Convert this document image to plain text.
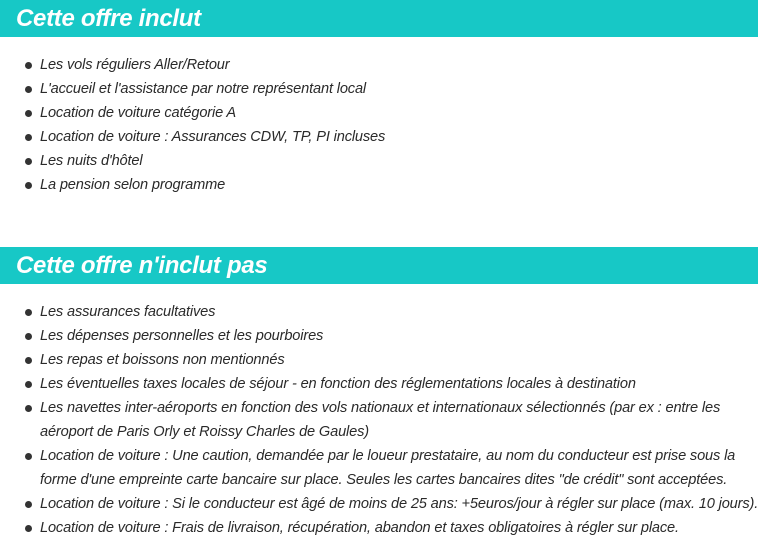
Cette offre inclut
Les vols réguliers Aller/Retour
L'accueil et l'assistance par notre représentant local
Location de voiture catégorie A
Location de voiture : Assurances CDW, TP, PI incluses
Les nuits d'hôtel
La pension selon programme
Cette offre n'inclut pas
Les assurances facultatives
Les dépenses personnelles et les pourboires
Les repas et boissons non mentionnés
Les éventuelles taxes locales de séjour - en fonction des réglementations locales à destination
Les navettes inter-aéroports en fonction des vols nationaux et internationaux sélectionnés (par ex : entre les
aéroport de Paris Orly et Roissy Charles de Gaules)
Location de voiture : Une caution, demandée par le loueur prestataire, au nom du conducteur est prise sous la
forme d'une empreinte carte bancaire sur place. Seules les cartes bancaires dites "de crédit" sont acceptées.
Location de voiture : Si le conducteur est âgé de moins de 25 ans: +5euros/jour à régler sur place (max. 10 jours).
Location de voiture : Frais de livraison, récupération, abandon et taxes obligatoires à régler sur place.
